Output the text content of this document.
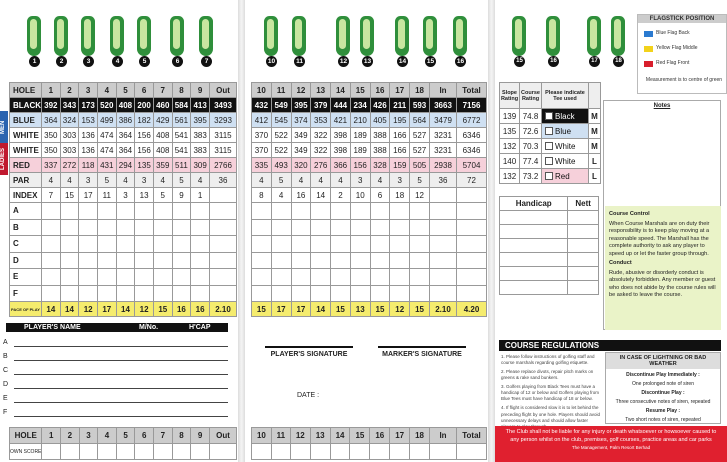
1	2	3	4	5	6	7
MEN
LADIES
HOLE	1	2	3	4	5	6	7	8	9	Out
BLACK	392	343	173	520	408	200	460	584	413	3493
BLUE	364	324	153	499	386	182	429	561	395	3293
WHITE	350	303	136	474	364	156	408	541	383	3115
WHITE	350	303	136	474	364	156	408	541	383	3115
RED	337	272	118	431	294	135	359	511	309	2766
PAR	4	4	3	5	4	3	4	5	4	36
INDEX	7	15	17	11	3	13	5	9	1	
A										
B										
C										
D										
E										
F										
PACE OF PLAY	14	14	12	17	14	12	15	16	16	2.10
PLAYER'S NAME	M/No.	H'CAP
A
B
C
D
E
F
HOLE	1	2	3	4	5	6	7	8	9	Out
OWN SCORE										
10	11	12	13	14	15	16
10	11	12	13	14	15	16	17	18	In	Total
432	549	395	379	444	234	426	211	593	3663	7156
412	545	374	353	421	210	405	195	564	3479	6772
370	522	349	322	398	189	388	166	527	3231	6346
370	522	349	322	398	189	388	166	527	3231	6346
335	493	320	276	366	156	328	159	505	2938	5704
4	5	4	4	4	3	4	3	5	36	72
8	4	16	14	2	10	6	18	12		

15	17	17	14	15	13	15	12	15	2.10	4.20
PLAYER'S SIGNATURE	MARKER'S SIGNATURE
DATE :
10	11	12	13	14	15	16	17	18	In	Total

15	16	17	18
FLAGSTICK POSITION
Blue Flag Back
Yellow Flag Middle
Red Flag Front
Measurement is to centre of green
Slope Rating	Course Rating	Please indicate Tee used	
139	74.8	Black	M
135	72.6	Blue	M
132	70.3	White	M
140	77.4	White	L
132	73.2	Red	L
Notes
Handicap	Nett

Course Control
When Course Marshals are on duty their responsibility is to keep play moving at a reasonable speed. The Marshall has the complete authority to ask any player to speed up or let the faster group through.
Conduct
Rude, abusive or disorderly conduct is absolutely forbidden. Any member or guest who does not abide by the course rules will be asked to leave the course.
COURSE REGULATIONS

1. Please follow instructions of golfing staff and course marshals regarding golfing etiquette.

2. Please replace divots, repair pitch marks on greens & rake sand bunkers.

3. Golfers playing from Black Tees must have a handicap of 12 or below and Golfers playing from Blue Tees must have handicap of 18 or below.

4. If flight is considered slow it is to let behind the preceding flight by one hole. Players should avoid unnecessary delays and should allow faster

IN CASE OF LIGHTNING OR BAD WEATHER

Discontinue Play Immediately :

One prolonged note of siren

Discontinue Play :

Three consecutive notes of siren, repeated

Resume Play :

Two short notes of siren, repeated

The Club shall not be liable for any injury or death whatsoever or howsoever caused to any person whilst on the club, premises, golf courses, practice areas and car parks
The Management, Palm Resort Berhad
